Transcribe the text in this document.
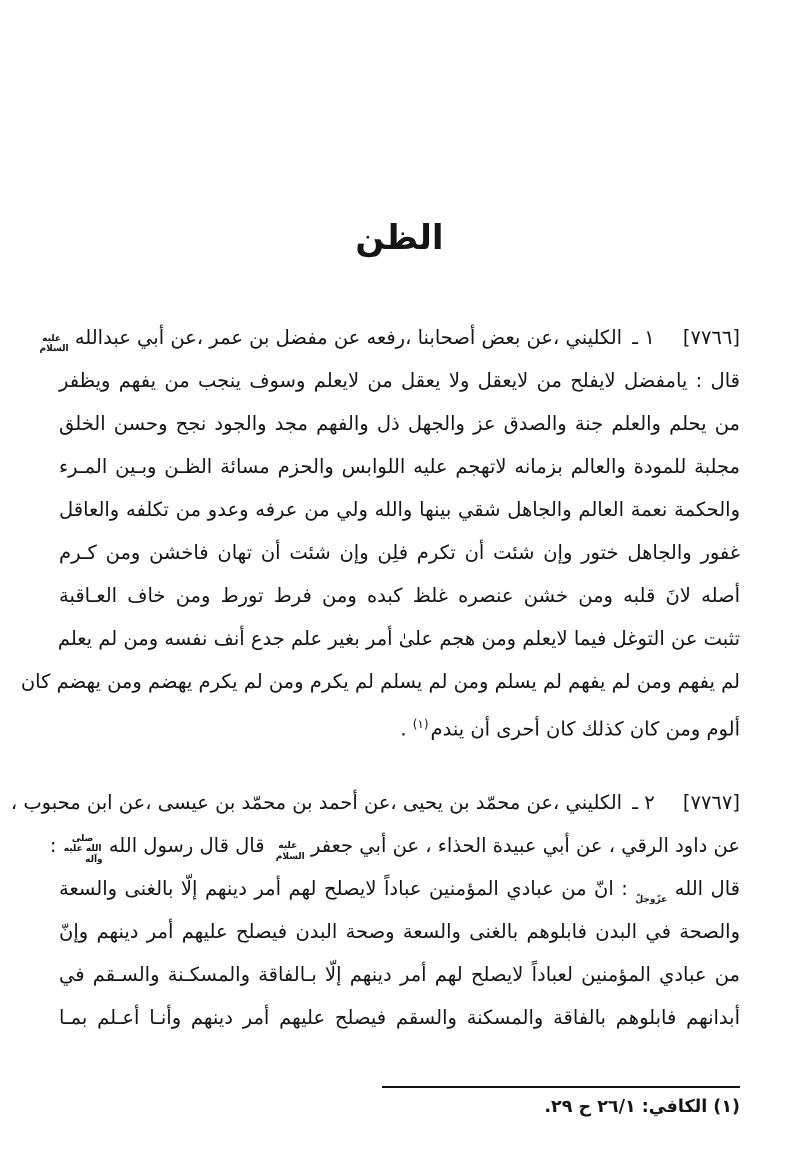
الظن
[٧٧٦٦] ١ ـ الكليني ،عن بعض أصحابنا ،رفعه عن مفضل بن عمر ،عن أبي عبدالله عليه السلام
قال : يامفضل لايفلح من لايعقل ولا يعقل من لايعلم وسوف ينجب من يفهم ويظفر
من يحلم والعلم جنة والصدق عز والجهل ذل والفهم مجد والجود نجح وحسن الخلق
مجلبة للمودة والعالم بزمانه لاتهجم عليه اللوابس والحزم مسائة الظـن وبـين المـرء
والحكمة نعمة العالم والجاهل شقي بينها والله ولي من عرفه وعدو من تكلفه والعاقل
غفور والجاهل ختور وإن شئت أن تكرم فلِن وإن شئت أن تهان فاخشن ومن كـرم
أصله لانَ قلبه ومن خشن عنصره غلظ كبده ومن فرط تورط ومن خاف العـاقبة
تثبت عن التوغل فيما لايعلم ومن هجم علىٰ أمر بغير علم جدع أنف نفسه ومن لم يعلم
لم يفهم ومن لم يفهم لم يسلم ومن لم يسلم لم يكرم ومن لم يكرم يهضم ومن يهضم كان
ألوم ومن كان كذلك كان أحرى أن يندم$^{(١)}$ .
[٧٧٦٧] ٢ ـ الكليني ،عن محمّد بن يحيى ،عن أحمد بن محمّد بن عيسى ،عن ابن محبوب ،
عن داود الرقي ، عن أبي عبيدة الحذاء ، عن أبي جعفر عليه السلام قال قال رسول الله صلى الله عليه وآله :
قال الله عزّوجلّ : انّ من عبادي المؤمنين عباداً لايصلح لهم أمر دينهم إلّا بالغنى والسعة
والصحة في البدن فابلوهم بالغنى والسعة وصحة البدن فيصلح عليهم أمر دينهم وإنّ
من عبادي المؤمنين لعباداً لايصلح لهم أمر دينهم إلّا بـالفاقة والمسكـنة والسـقم في
أبدانهم فابلوهم بالفاقة والمسكنة والسقم فيصلح عليهم أمر دينهم وأنـا أعـلم بمـا
(١) الكافي: ٢٦/١ ح ٢٩.
